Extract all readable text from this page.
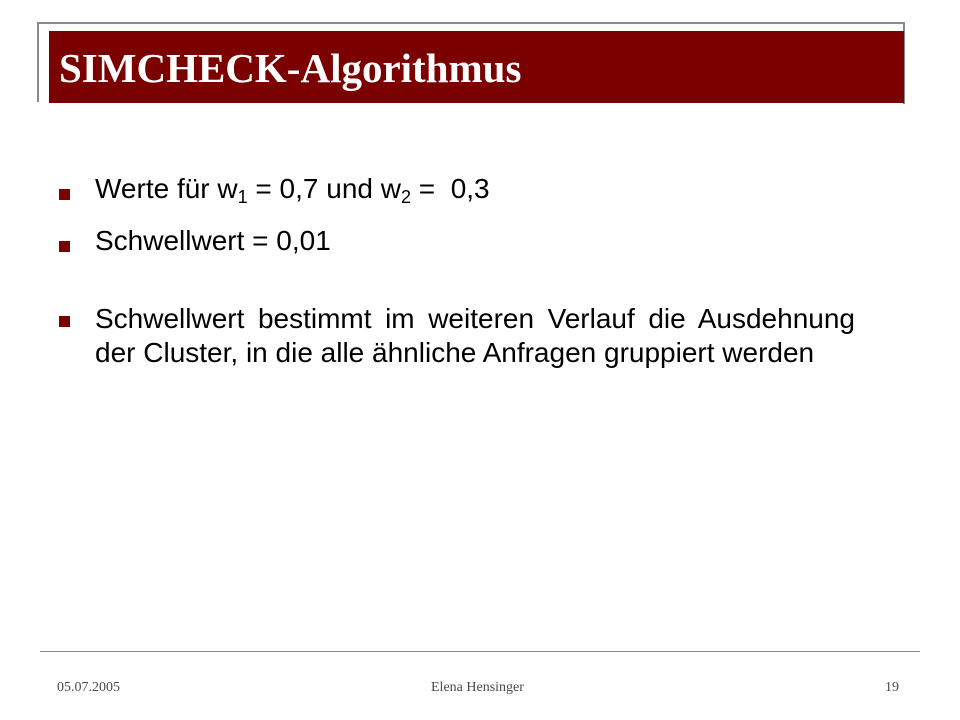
SIMCHECK-Algorithmus
Werte für $w_1 = 0,7$ und $w_2 = 0,3$
Schwellwert = 0,01
Schwellwert bestimmt im weiteren Verlauf die Ausdehnung der Cluster, in die alle ähnliche Anfragen gruppiert werden
05.07.2005	Elena Hensinger	19
